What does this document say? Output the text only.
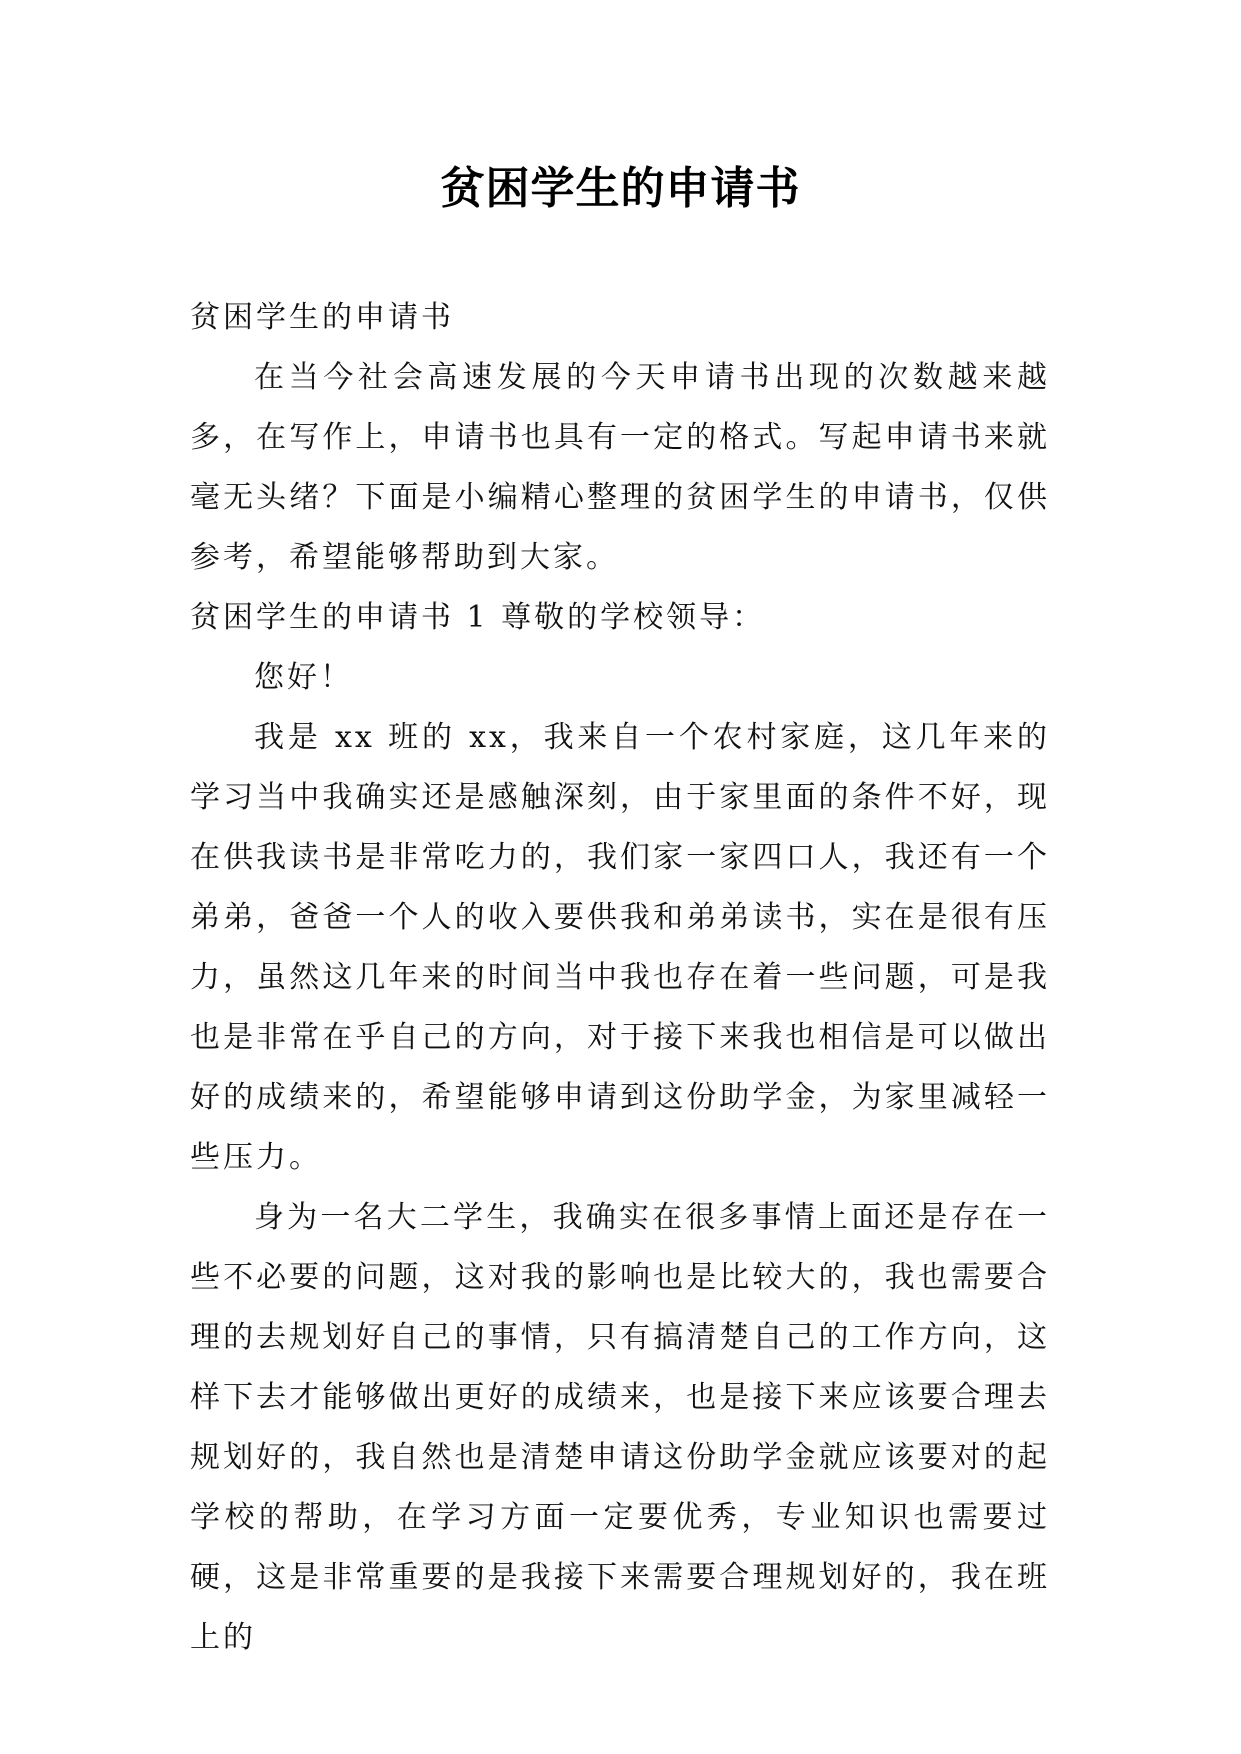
贫困学生的申请书

贫困学生的申请书

在当今社会高速发展的今天申请书出现的次数越来越多，在写作上，申请书也具有一定的格式。写起申请书来就毫无头绪？下面是小编精心整理的贫困学生的申请书，仅供参考，希望能够帮助到大家。

贫困学生的申请书 1 尊敬的学校领导：

您好！

我是 xx 班的 xx，我来自一个农村家庭，这几年来的学习当中我确实还是感触深刻，由于家里面的条件不好，现在供我读书是非常吃力的，我们家一家四口人，我还有一个弟弟，爸爸一个人的收入要供我和弟弟读书，实在是很有压力，虽然这几年来的时间当中我也存在着一些问题，可是我也是非常在乎自己的方向，对于接下来我也相信是可以做出好的成绩来的，希望能够申请到这份助学金，为家里减轻一些压力。

身为一名大二学生，我确实在很多事情上面还是存在一些不必要的问题，这对我的影响也是比较大的，我也需要合理的去规划好自己的事情，只有搞清楚自己的工作方向，这样下去才能够做出更好的成绩来，也是接下来应该要合理去规划好的，我自然也是清楚申请这份助学金就应该要对的起学校的帮助，在学习方面一定要优秀，专业知识也需要过硬，这是非常重要的是我接下来需要合理规划好的，我在班上的
